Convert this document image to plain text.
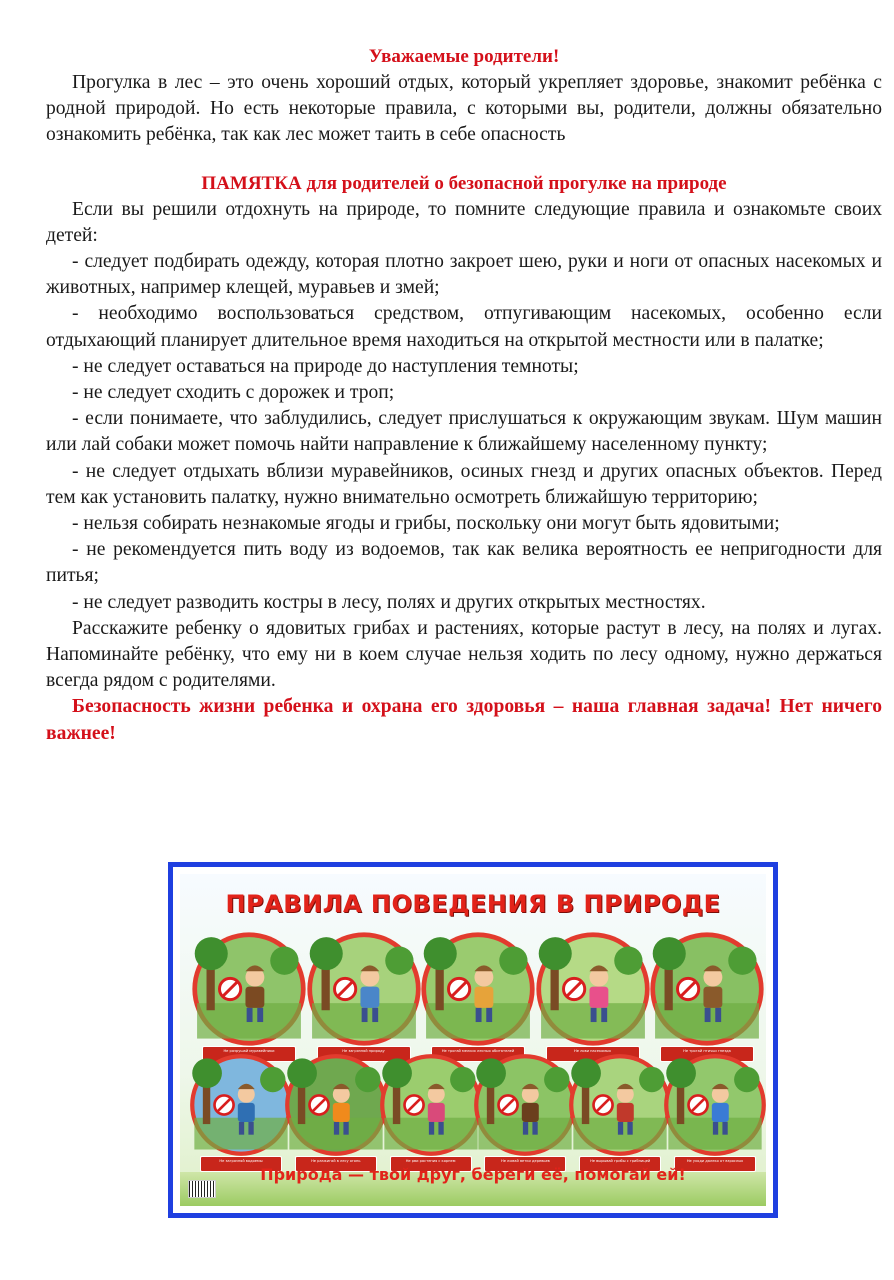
Уважаемые родители!

Прогулка в лес – это очень хороший отдых, который укрепляет здоровье, знакомит ребёнка с родной природой. Но есть некоторые правила, с которыми вы, родители, должны обязательно ознакомить ребёнка, так как лес может таить в себе опасность

ПАМЯТКА для родителей о безопасной прогулке на природе

Если вы решили отдохнуть на природе, то помните следующие правила и ознакомьте своих детей:

- следует подбирать одежду, которая плотно закроет шею, руки и ноги от опасных насекомых и животных, например клещей, муравьев и змей;

- необходимо воспользоваться средством, отпугивающим насекомых, особенно если отдыхающий планирует длительное время находиться на открытой местности или в палатке;

- не следует оставаться на природе до наступления темноты;

- не следует сходить с дорожек и троп;

- если понимаете, что заблудились, следует прислушаться к окружающим звукам. Шум машин или лай собаки может помочь найти направление к ближайшему населенному пункту;

- не следует отдыхать вблизи муравейников, осиных гнезд и других опасных объектов. Перед тем как установить палатку, нужно внимательно осмотреть ближайшую территорию;

- нельзя собирать незнакомые ягоды и грибы, поскольку они могут быть ядовитыми;

- не рекомендуется пить воду из водоемов, так как велика вероятность ее непригодности для питья;

- не следует разводить костры в лесу, полях и других открытых местностях.

Расскажите ребенку о ядовитых грибах и растениях, которые растут в лесу, на полях и лугах. Напоминайте ребёнку, что ему ни в коем случае нельзя ходить по лесу одному, нужно держаться всегда рядом с родителями.

Безопасность жизни ребенка и охрана его здоровья – наша главная задача! Нет ничего важнее!

ПРАВИЛА ПОВЕДЕНИЯ В ПРИРОДЕ
Не разрушай муравейники	Не загрязняй природу	Не трогай мелких лесных обитателей	Не лови насекомых	Не трогай птичьи гнезда
Не загрязняй водоемы	Не разжигай в лесу огонь	Не рви растения с корнем	Не ломай ветки деревьев	Не вырывай грибы с грибницей	Не уходи далеко от взрослых
Природа — твой друг, береги её, помогай ей!
